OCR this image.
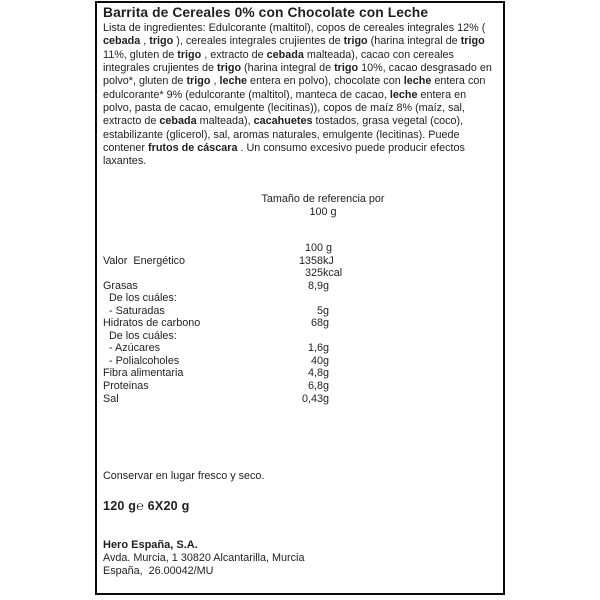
Barrita de Cereales 0% con Chocolate con Leche
Lista de ingredientes: Edulcorante (maltitol), copos de cereales integrales 12% (
cebada , trigo ), cereales integrales crujientes de trigo (harina integral de trigo
11%, gluten de trigo , extracto de cebada malteada), cacao con cereales
integrales crujientes de trigo (harina integral de trigo 10%, cacao desgrasado en
polvo*, gluten de trigo , leche entera en polvo), chocolate con leche entera con
edulcorante* 9% (edulcorante (maltitol), manteca de cacao, leche entera en
polvo, pasta de cacao, emulgente (lecitinas)), copos de maíz 8% (maíz, sal,
extracto de cebada malteada), cacahuetes tostados, grasa vegetal (coco),
estabilizante (glicerol), sal, aromas naturales, emulgente (lecitinas). Puede
contener frutos de cáscara . Un consumo excesivo puede producir efectos
laxantes.
Tamaño de referencia por
100 g
100 g
Valor  Energético	1358 kJ
325 kcal
Grasas	8,9 g
De los cuáles:
- Saturadas	5 g
Hidratos de carbono	68 g
De los cuáles:
- Azúcares	1,6 g
- Polialcoholes	40 g
Fibra alimentaria	4,8 g
Proteinas	6,8 g
Sal	0,43 g
Conservar en lugar fresco y seco.
120 g℮ 6X20 g
Hero España, S.A.
Avda. Murcia, 1 30820 Alcantarilla, Murcia
España,  26.00042/MU
